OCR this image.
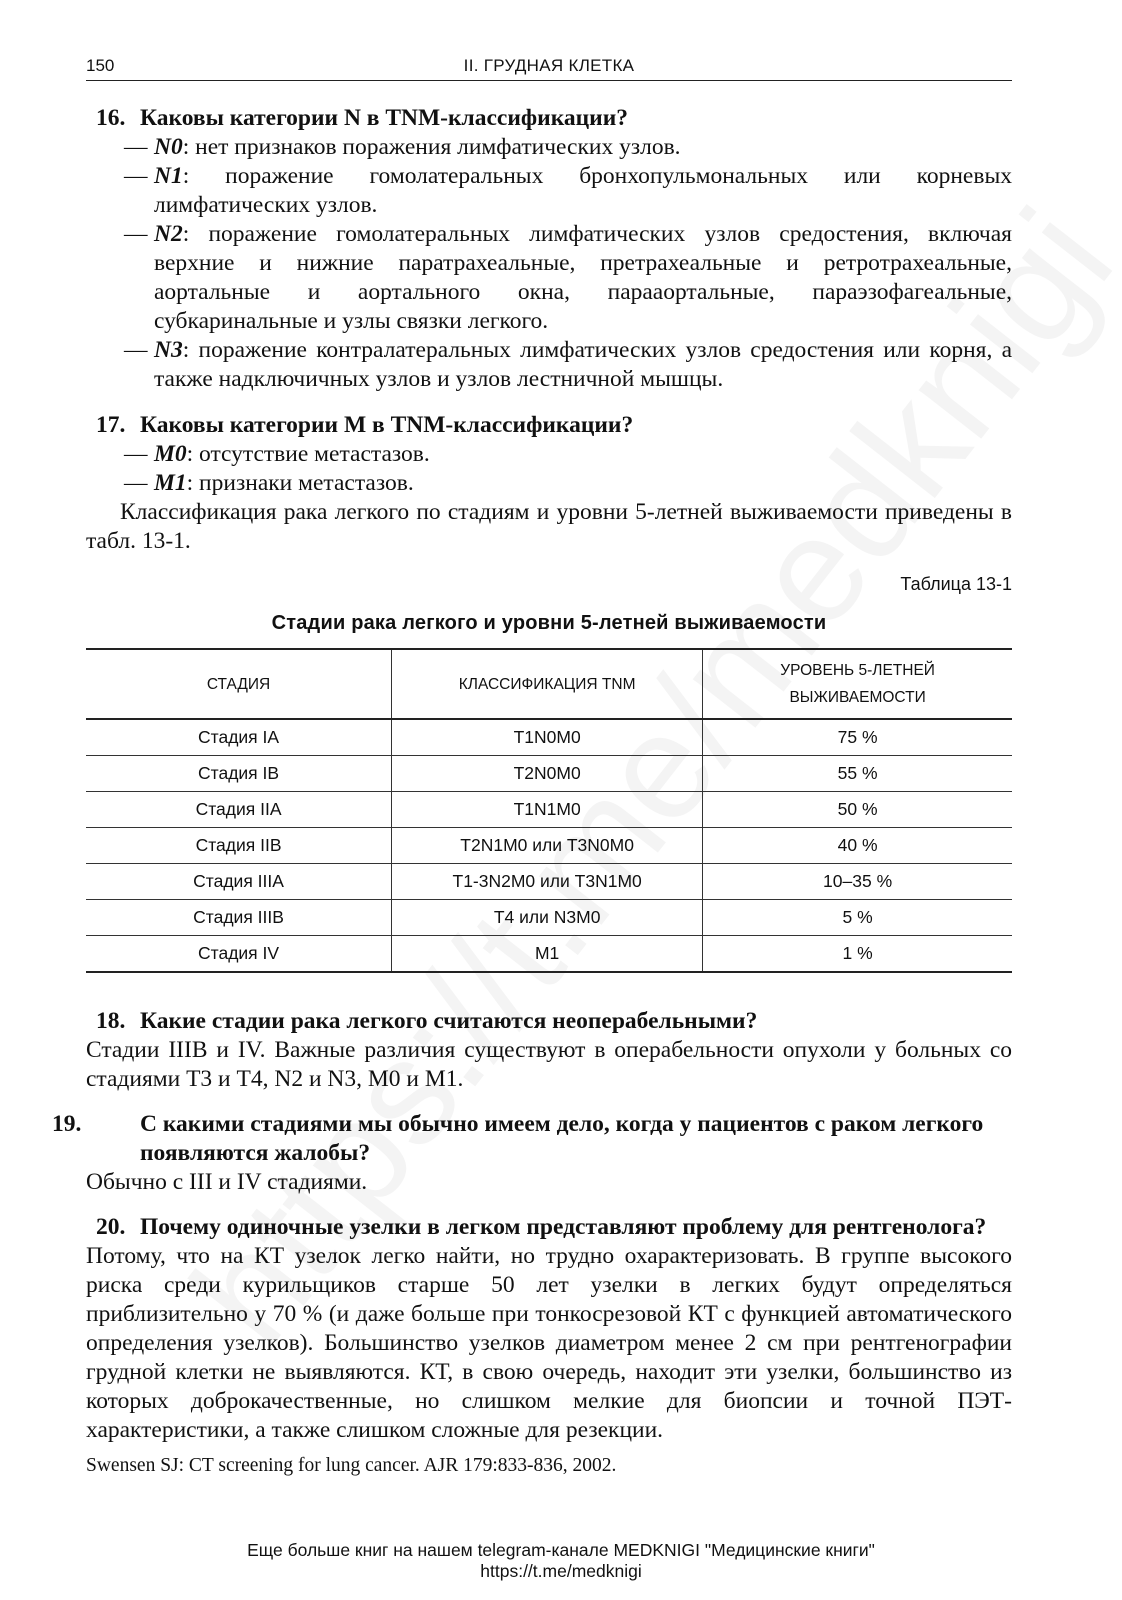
150	II. ГРУДНАЯ КЛЕТКА

16. Каковы категории N в TNM-классификации?

— N0: нет признаков поражения лимфатических узлов.
— N1: поражение гомолатеральных бронхопульмональных или корневых лимфатических узлов.
— N2: поражение гомолатеральных лимфатических узлов средостения, включая верхние и нижние паратрахеальные, претрахеальные и ретротрахеальные, аортальные и аортального окна, парааортальные, параэзофагеальные, субкаринальные и узлы связки легкого.
— N3: поражение контралатеральных лимфатических узлов средостения или корня, а также надключичных узлов и узлов лестничной мышцы.

17. Каковы категории M в TNM-классификации?

— M0: отсутствие метастазов.
— M1: признаки метастазов.

Классификация рака легкого по стадиям и уровни 5-летней выживаемости приведены в табл. 13-1.

Таблица 13-1
Стадии рака легкого и уровни 5-летней выживаемости
СТАДИЯ	КЛАССИФИКАЦИЯ TNM	УРОВЕНЬ 5-ЛЕТНЕЙ
ВЫЖИВАЕМОСТИ
Стадия IA	T1N0M0	75 %
Стадия IB	T2N0M0	55 %
Стадия IIA	T1N1M0	50 %
Стадия IIB	T2N1M0 или T3N0M0	40 %
Стадия IIIA	T1-3N2M0 или T3N1M0	10–35 %
Стадия IIIB	T4 или N3M0	5 %
Стадия IV	M1	1 %

18. Какие стадии рака легкого считаются неоперабельными?

Стадии IIIB и IV. Важные различия существуют в операбельности опухоли у больных со стадиями T3 и T4, N2 и N3, M0 и M1.

19. С какими стадиями мы обычно имеем дело, когда у пациентов с раком легкого появляются жалобы?

Обычно с III и IV стадиями.

20. Почему одиночные узелки в легком представляют проблему для рентгенолога?

Потому, что на КТ узелок легко найти, но трудно охарактеризовать. В группе высокого риска среди курильщиков старше 50 лет узелки в легких будут определяться приблизительно у 70 % (и даже больше при тонкосрезовой КТ с функцией автоматического определения узелков). Большинство узелков диаметром менее 2 см при рентгенографии грудной клетки не выявляются. КТ, в свою очередь, находит эти узелки, большинство из которых доброкачественные, но слишком мелкие для биопсии и точной ПЭТ-характеристики, а также слишком сложные для резекции.

Swensen SJ: CT screening for lung cancer. AJR 179:833-836, 2002.
Еще больше книг на нашем telegram-канале MEDKNIGI "Медицинские книги"
https://t.me/medknigi
